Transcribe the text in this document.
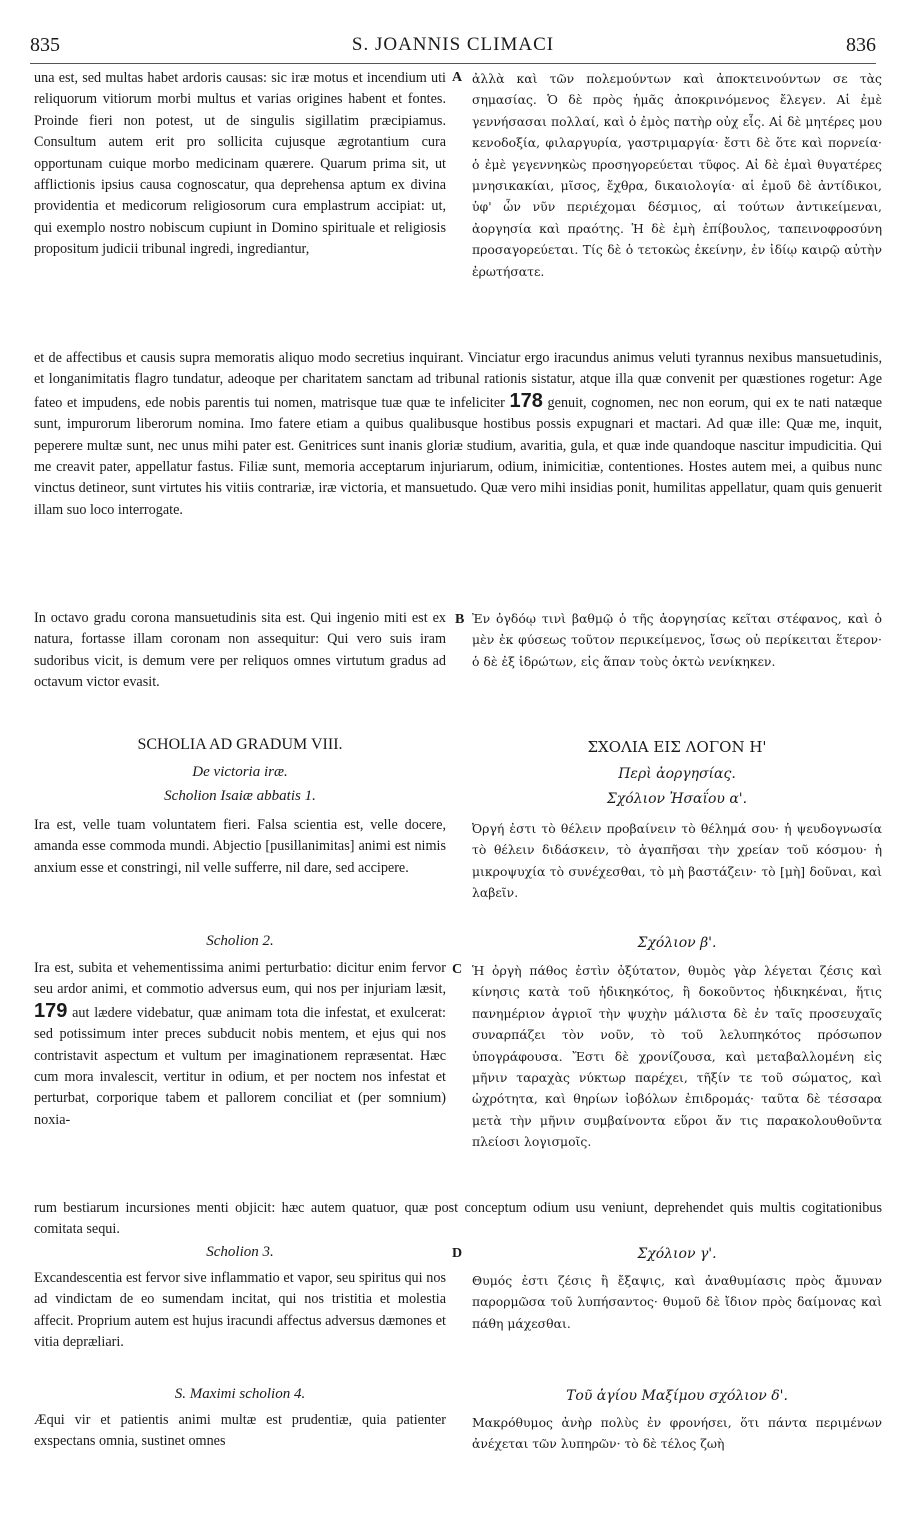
835	S. JOANNIS CLIMACI	836

una est, sed multas habet ardoris causas: sic iræ motus et incendium uti reliquorum vitiorum morbi multus et varias origines habent et fontes. Proinde fieri non potest, ut de singulis sigillatim præcipiamus. Consultum autem erit pro sollicita cujusque ægrotantium cura opportunam cuique morbo medicinam quærere. Quarum prima sit, ut afflictionis ipsius causa cognoscatur, qua deprehensa aptum ex divina providentia et medicorum religiosorum cura emplastrum accipiat: ut, qui exemplo nostro nobiscum cupiunt in Domino spirituale et religiosis propositum judicii tribunal ingredi, ingrediantur,

A ἀλλὰ καὶ τῶν πολεμούντων καὶ ἀποκτεινούντων σε τὰς σημασίας. Ὁ δὲ πρὸς ἡμᾶς ἀποκρινόμενος ἔλεγεν. Αἱ ἐμὲ γεννήσασαι πολλαί, καὶ ὁ ἐμὸς πατὴρ οὐχ εἷς. Αἱ δὲ μητέρες μου κενοδοξία, φιλαργυρία, γαστριμαργία· ἔστι δὲ ὅτε καὶ πορνεία· ὁ ἐμὲ γεγεννηκὼς προσηγορεύεται τῦφος. Αἱ δὲ ἐμαὶ θυγατέρες μνησικακίαι, μῖσος, ἔχθρα, δικαιολογία· αἱ ἐμοῦ δὲ ἀντίδικοι, ὑφ' ὧν νῦν περιέχομαι δέσμιος, αἱ τούτων ἀντικείμεναι, ἀοργησία καὶ πραότης. Ἡ δὲ ἐμὴ ἐπίβουλος, ταπεινοφροσύνη προσαγορεύεται. Τίς δὲ ὁ τετοκὼς ἐκείνην, ἐν ἰδίῳ καιρῷ αὐτὴν ἐρωτήσατε.

et de affectibus et causis supra memoratis aliquo modo secretius inquirant. Vinciatur ergo iracundus animus veluti tyrannus nexibus mansuetudinis, et longanimitatis flagro tundatur, adeoque per charitatem sanctam ad tribunal rationis sistatur, atque illa quæ convenit per quæstiones rogetur: Age fateo et impudens, ede nobis parentis tui nomen, matrisque tuæ quæ te infeliciter 178 genuit, cognomen, nec non eorum, qui ex te nati natæque sunt, impurorum liberorum nomina. Imo fatere etiam a quibus qualibusque hostibus possis expugnari et mactari. Ad quæ ille: Quæ me, inquit, peperere multæ sunt, nec unus mihi pater est. Genitrices sunt inanis gloriæ studium, avaritia, gula, et quæ inde quandoque nascitur impudicitia. Qui me creavit pater, appellatur fastus. Filiæ sunt, memoria acceptarum injuriarum, odium, inimicitiæ, contentiones. Hostes autem mei, a quibus nunc vinctus detineor, sunt virtutes his vitiis contrariæ, iræ victoria, et mansuetudo. Quæ vero mihi insidias ponit, humilitas appellatur, quam quis genuerit illam suo loco interrogate.

In octavo gradu corona mansuetudinis sita est. Qui ingenio miti est ex natura, fortasse illam coronam non assequitur: Qui vero suis iram sudoribus vicit, is demum vere per reliquos omnes virtutum gradus ad octavum victor evasit.

B Ἐν ὀγδόῳ τινὶ βαθμῷ ὁ τῆς ἀοργησίας κεῖται στέφανος, καὶ ὁ μὲν ἐκ φύσεως τοῦτον περικείμενος, ἴσως οὐ περίκειται ἕτερον· ὁ δὲ ἐξ ἱδρώτων, εἰς ἅπαν τοὺς ὀκτὼ νενίκηκεν.

SCHOLIA AD GRADUM VIII.
De victoria iræ.
Scholion Isaiæ abbatis 1.
ΣΧΟΛΙΑ ΕΙΣ ΛΟΓΟΝ Η'
Περὶ ἀοργησίας.
Σχόλιον Ἠσαΐου α'.

Ira est, velle tuam voluntatem fieri. Falsa scientia est, velle docere, amanda esse commoda mundi. Abjectio [pusillanimitas] animi est nimis anxium esse et constringi, nil velle sufferre, nil dare, sed accipere.

Ὀργή ἐστι τὸ θέλειν προβαίνειν τὸ θέλημά σου· ἡ ψευδογνωσία τὸ θέλειν διδάσκειν, τὸ ἀγαπῆσαι τὴν χρείαν τοῦ κόσμου· ἡ μικροψυχία τὸ συνέχεσθαι, τὸ μὴ βαστάζειν· τὸ [μὴ] δοῦναι, καὶ λαβεῖν.

Scholion 2.	Σχόλιον β'.

Ira est, subita et vehementissima animi perturbatio: dicitur enim fervor seu ardor animi, et commotio adversus eum, qui nos per injuriam læsit, 179 aut lædere videbatur, quæ animam tota die infestat, et exulcerat: sed potissimum inter preces subducit nobis mentem, et ejus qui nos contristavit aspectum et vultum per imaginationem repræsentat. Hæc cum mora invalescit, vertitur in odium, et per noctem nos infestat et perturbat, corporique tabem et pallorem conciliat et (per somnium) noxia-

C Ἡ ὀργὴ πάθος ἐστὶν ὀξύτατον, θυμὸς γὰρ λέγεται ζέσις καὶ κίνησις κατὰ τοῦ ἠδικηκότος, ἢ δοκοῦντος ἠδικηκέναι, ἥτις πανημέριον ἀγριοῖ τὴν ψυχὴν μάλιστα δὲ ἐν ταῖς προσευχαῖς συναρπάζει τὸν νοῦν, τὸ τοῦ λελυπηκότος πρόσωπον ὑπογράφουσα. Ἔστι δὲ χρονίζουσα, καὶ μεταβαλλομένη εἰς μῆνιν ταραχὰς νύκτωρ παρέχει, τῆξίν τε τοῦ σώματος, καὶ ὠχρότητα, καὶ θηρίων ἰοβόλων ἐπιδρομάς· ταῦτα δὲ τέσσαρα μετὰ τὴν μῆνιν συμβαίνοντα εὕροι ἄν τις παρακολουθοῦντα πλείοσι λογισμοῖς.

rum bestiarum incursiones menti objicit: hæc autem quatuor, quæ post conceptum odium usu veniunt, deprehendet quis multis cogitationibus comitata sequi.

Scholion 3.	D	Σχόλιον γ'.

Excandescentia est fervor sive inflammatio et vapor, seu spiritus qui nos ad vindictam de eo sumendam incitat, qui nos tristitia et molestia affecit. Proprium autem est hujus iracundi affectus adversus dæmones et vitia depræliari.

Θυμός ἐστι ζέσις ἢ ἔξαψις, καὶ ἀναθυμίασις πρὸς ἄμυναν παρορμῶσα τοῦ λυπήσαντος· θυμοῦ δὲ ἴδιον πρὸς δαίμονας καὶ πάθη μάχεσθαι.

S. Maximi scholion 4.	Τοῦ ἁγίου Μαξίμου σχόλιον δ'.

Æqui vir et patientis animi multæ est prudentiæ, quia patienter exspectans omnia, sustinet omnes

Μακρόθυμος ἀνὴρ πολὺς ἐν φρονήσει, ὅτι πάντα περιμένων ἀνέχεται τῶν λυπηρῶν· τὸ δὲ τέλος ζωὴ
